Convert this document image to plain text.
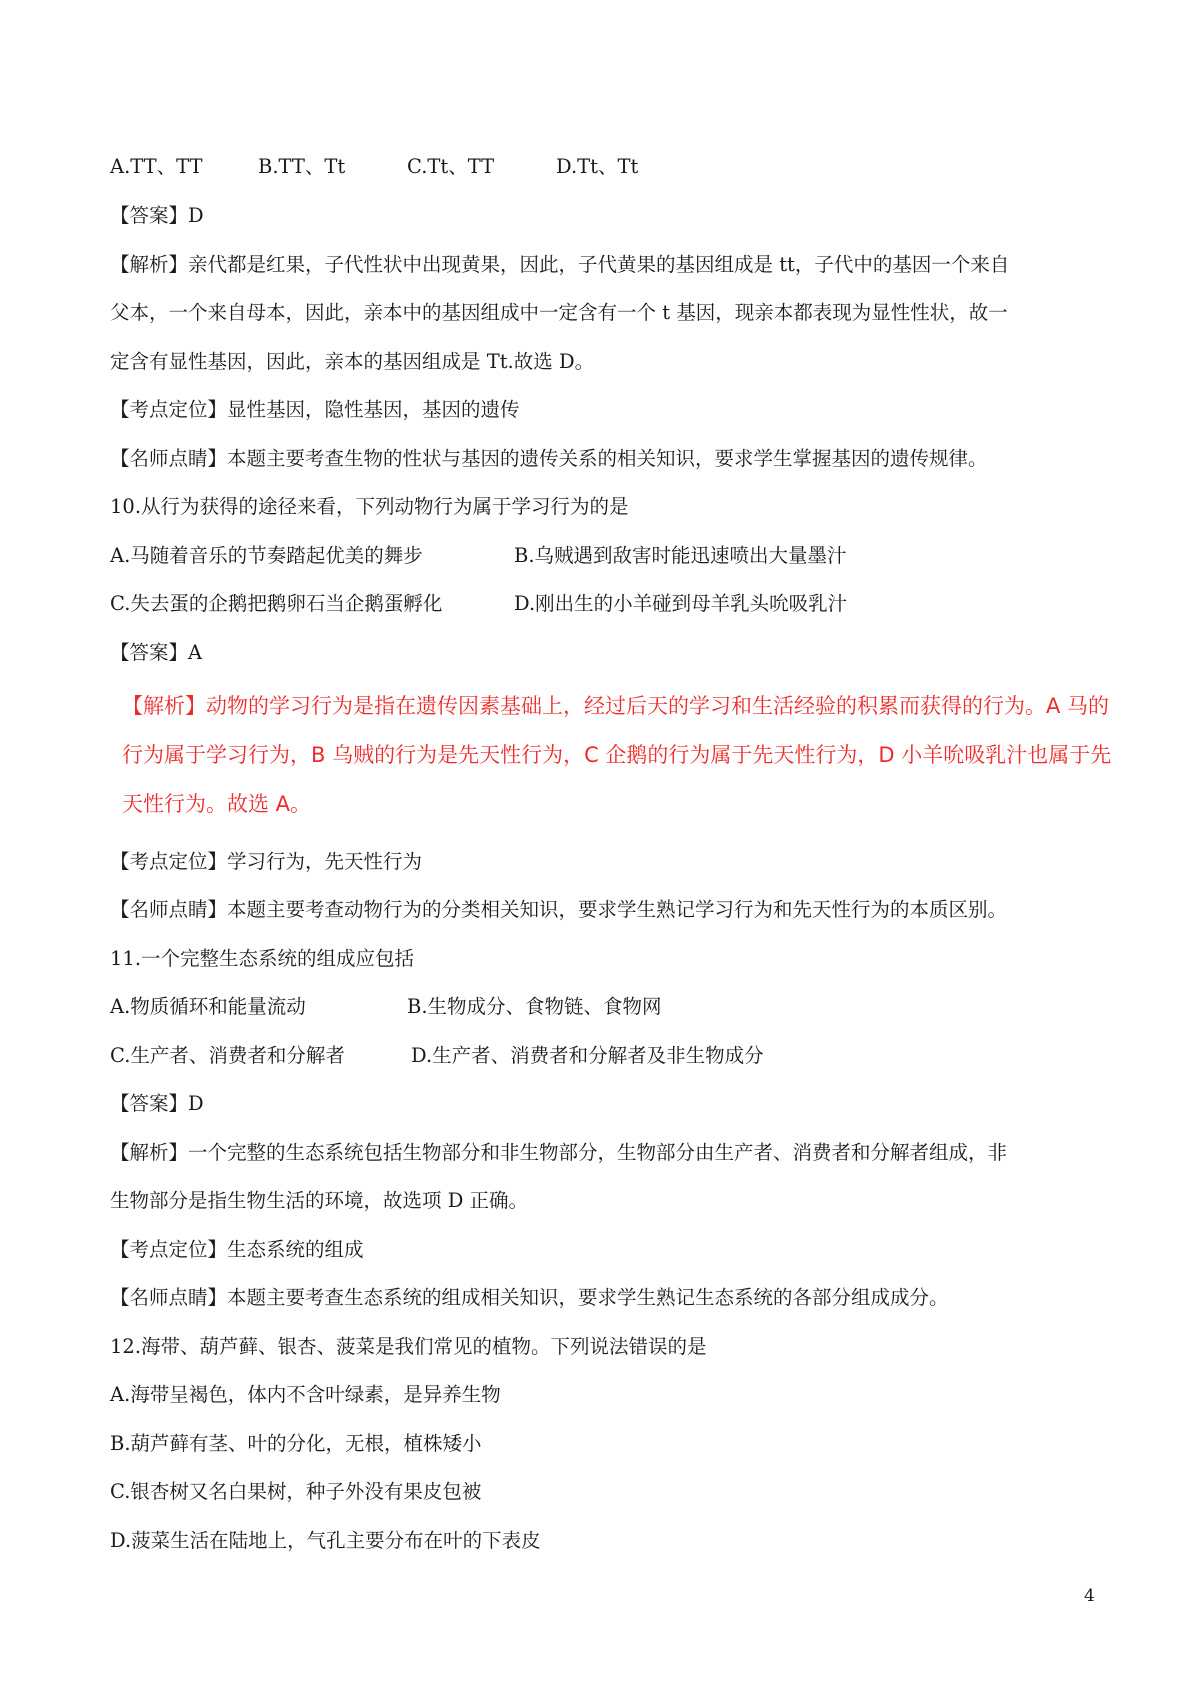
A.TT、TT	B.TT、Tt	C.Tt、TT	D.Tt、Tt
【答案】D
【解析】亲代都是红果，子代性状中出现黄果，因此，子代黄果的基因组成是 tt，子代中的基因一个来自
父本，一个来自母本，因此，亲本中的基因组成中一定含有一个 t 基因，现亲本都表现为显性性状，故一
定含有显性基因，因此，亲本的基因组成是 Tt.故选 D。
【考点定位】显性基因，隐性基因，基因的遗传
【名师点睛】本题主要考查生物的性状与基因的遗传关系的相关知识，要求学生掌握基因的遗传规律。
10.从行为获得的途径来看，下列动物行为属于学习行为的是
A.马随着音乐的节奏踏起优美的舞步	B.乌贼遇到敌害时能迅速喷出大量墨汁
C.失去蛋的企鹅把鹅卵石当企鹅蛋孵化	D.刚出生的小羊碰到母羊乳头吮吸乳汁
【答案】A
【解析】动物的学习行为是指在遗传因素基础上，经过后天的学习和生活经验的积累而获得的行为。A 马的
行为属于学习行为，B 乌贼的行为是先天性行为，C 企鹅的行为属于先天性行为，D 小羊吮吸乳汁也属于先
天性行为。故选 A。
【考点定位】学习行为，先天性行为
【名师点睛】本题主要考查动物行为的分类相关知识，要求学生熟记学习行为和先天性行为的本质区别。
11.一个完整生态系统的组成应包括
A.物质循环和能量流动	B.生物成分、食物链、食物网
C.生产者、消费者和分解者	D.生产者、消费者和分解者及非生物成分
【答案】D
【解析】一个完整的生态系统包括生物部分和非生物部分，生物部分由生产者、消费者和分解者组成，非
生物部分是指生物生活的环境，故选项 D 正确。
【考点定位】生态系统的组成
【名师点睛】本题主要考查生态系统的组成相关知识，要求学生熟记生态系统的各部分组成成分。
12.海带、葫芦藓、银杏、菠菜是我们常见的植物。下列说法错误的是
A.海带呈褐色，体内不含叶绿素，是异养生物
B.葫芦藓有茎、叶的分化，无根，植株矮小
C.银杏树又名白果树，种子外没有果皮包被
D.菠菜生活在陆地上，气孔主要分布在叶的下表皮
4
